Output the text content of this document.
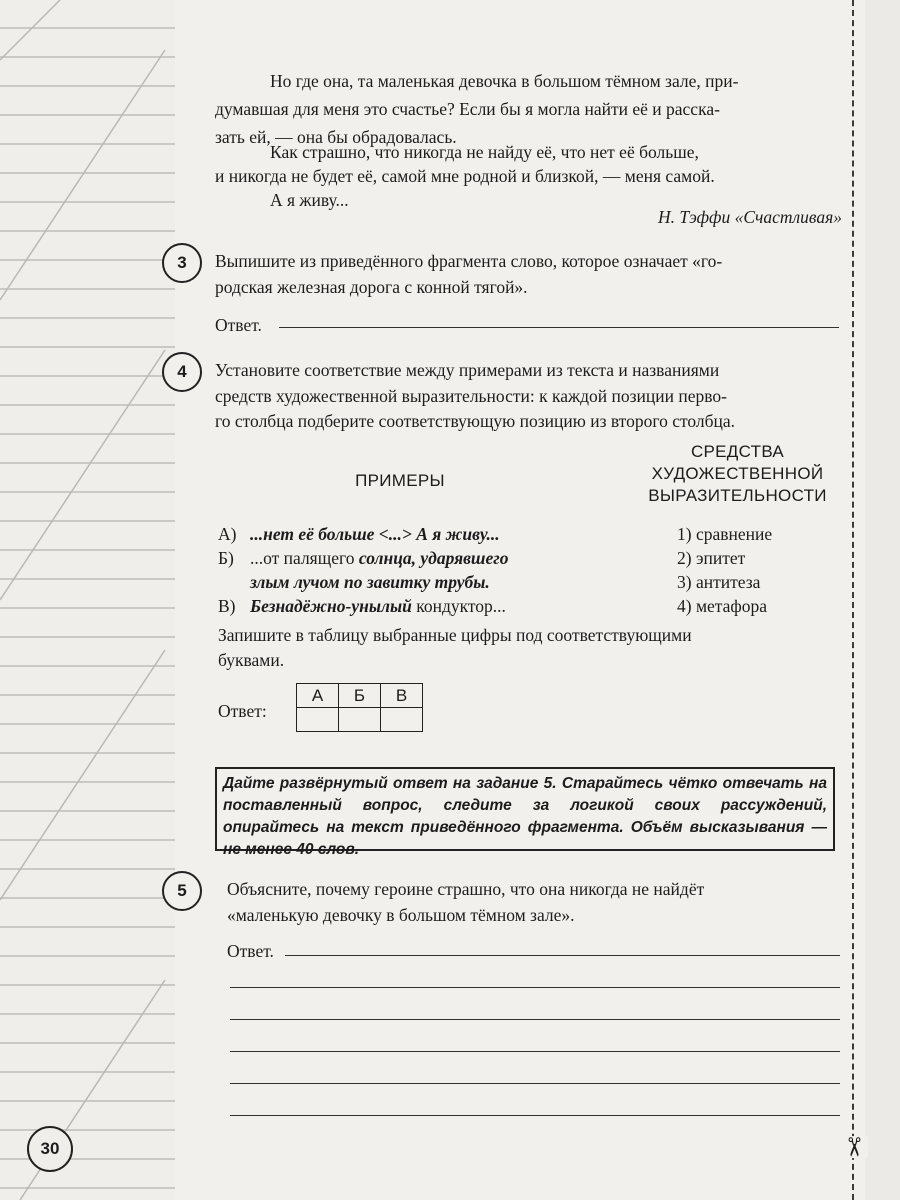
Но где она, та маленькая девочка в большом тёмном зале, при-
думавшая для меня это счастье? Если бы я могла найти её и расска-
зать ей, — она бы обрадовалась.
Как страшно, что никогда не найду её, что нет её больше,
и никогда не будет её, самой мне родной и близкой, — меня самой.
А я живу...
Н. Тэффи «Счастливая»
3	Выпишите из приведённого фрагмента слово, которое означает «го-
родская железная дорога с конной тягой».
Ответ.
4	Установите соответствие между примерами из текста и названиями
средств художественной выразительности: к каждой позиции перво-
го столбца подберите соответствующую позицию из второго столбца.
ПРИМЕРЫ
СРЕДСТВА
ХУДОЖЕСТВЕННОЙ
ВЫРАЗИТЕЛЬНОСТИ
А) ...нет её больше <...> А я живу...
Б) ...от палящего солнца, ударявшего
злым лучом по завитку трубы.
В) Безнадёжно-унылый кондуктор...
1) сравнение
2) эпитет
3) антитеза
4) метафора
Запишите в таблицу выбранные цифры под соответствующими
буквами.
Ответ:
А	Б	В

Дайте развёрнутый ответ на задание 5. Старайтесь чётко отвечать на поставленный вопрос, следите за логикой своих рассуждений, опирайтесь на текст приведённого фрагмента. Объём высказывания — не менее 40 слов.
5	Объясните, почему героине страшно, что она никогда не найдёт
«маленькую девочку в большом тёмном зале».
Ответ.
30	✂
